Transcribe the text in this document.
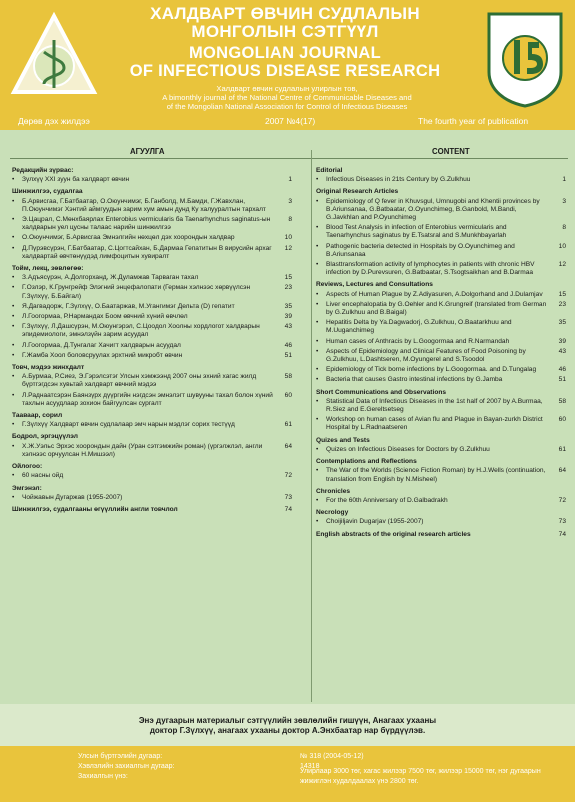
ХАЛДВАРТ ӨВЧИН СУДЛАЛЫН
МОНГОЛЫН СЭТГҮҮЛ
MONGOLIAN JOURNAL
OF INFECTIOUS DISEASE RESEARCH
Халдварт өвчин судлалын улирлын тов,
A bimonthly journal of the National Centre of Communicable Diseases and
of the Mongolian National Association for Control of Infectious Diseases
Дөрөв дэх жилдээ	2007 №4(17)	The fourth year of publication
АГУУЛГА	CONTENT
Редакцийн зүрвас:
•	Зүлхүү XXI зуун ба халдварт өвчин	1
Шинжилгээ, судалгаа
•	Б.Арвисгаа, Г.Батбаатар, О.Оюунчимэг, Б.Ганболд, М.Бамди, Г.Жавхлан, П.Оюунчимэг Хэнтий аймгуудын зарим хум амын дунд Ку халууралтын тархалт
3
•	Э.Цацрал, С.Мөнхбаярлах Enterobius vermicularis ба Taenarhynchus saginatus-ын халдварын уел цусны талаас нарийн шинжилгээ
8
•	О.Оюунчимэг, Б.Арвисгаа Эмнэлгийн нөхцөл дэх хоорондын халдвар	10
•	Д.Пүрэвсүрэн, Г.Батбаатар, С.Цогтсайхан, Б.Дармаа Гепатитын В вирусийн архаг халдвартай өвчтөнүүдэд лимфоцитын хувиралт
12
Тойм, лекц, зөвлөгөө:
•	З.Адъясүрэн, А.Долгорханд, Ж.Дуламжав Тарваган тахал	15
•	Г.Озлэр, К.Грунгрейф Элэгний энцефалопати (Герман хэлнээс хөрвүүлсэн Г.Зүлхүү, Б.Байгал)
23
•	Я.Дагвадорж, Г.Зүлхүү, О.Баатаржав, М.Угангимэг Дельта (D) гепатит	35
•	Л.Гоогормаа, Р.Нармандах Боом өвчний хүний өвчлөл	39
•	Г.Зүлхүү, Л.Дашсүрэн, М.Оюунгэрэл, С.Цоодол Хоолны хордлогот халдварын эпидемиологи, эмнэлзүйн зарим асуудал
43
•	Л.Гоогормаа, Д.Тунгалаг Хачигт халдварын асуудал	46
•	Г.Жамба Хоол боловсруулах эрхтний микробт өвчин	51
Товч, мэдээ жинхдалт
•	А.Бурмаа, Р.Сиез, Э.Гэрэлсэтэг Улсын хэмжээнд 2007 оны эхний хагас жилд бүртгэгдсэн хувьтай халдварт өвчний мэдээ
58
•	Л.Раднаатсэрэн Баянзүрх дүүргийн нэгдсэн эмнэлэгт шувууны тахал болон хүний тахлын асуудлаар зохион байгуулсан сургалт
60
Тааваар, сорил
•	Г.Зүлхүү Халдварт өвчин судлалаар эмч нарын мэдлэг сорих тестүүд	61
Бодрол, эргэцүүлэл
•	Х.Ж.Уэльс Эрхэс хоорондын дайн (Уран сэтгэмжийн роман) (үргэлжлэл, англи хэлнээс орчуулсан Н.Мишээл)
64
Ойлогоо:
•	60 насны ойд	72
Эмгэнэл:
•	Чойжавын Дугаржав (1955-2007)	73
Шинжилгээ, судалгааны өгүүллийн англи товчлол	74
Editorial
•	Infectious Diseases in 21ts Century by G.Zulkhuu	1
Original Research Articles
•	Epidemiology of Q fever in Khuvsgul, Umnugobi and Khentii provinces by B.Ariunsanaa, G.Batbaatar, O.Oyunchimeg, B.Ganbold, M.Bandi, G.Javkhlan and P.Oyunchimeg
3
•	Blood Test Analysis in infection of Enterobius vermicularis and Taenarhynchus saginatus by E.Tsatsral and S.Munkhbayarlah
8
•	Pathogenic bacteria detected in Hospitals by O.Oyunchimeg and B.Ariunsanaa
10
•	Blasttransformation activity of lymphocytes in patients with chronic HBV infection by D.Purevsuren, G.Batbaatar, S.Tsogtsaikhan and B.Darmaa
12
Reviews, Lectures and Consultations
•	Aspects of Human Plague by Z.Adiyasuren, A.Dolgorhand and J.Dulamjav	15
•	Liver encephalopatia by G.Oehler and K.Grungreif (translated from German by G.Zulkhuu and B.Baigal)
23
•	Hepatitis Delta by Ya.Dagwadorj, G.Zulkhuu, O.Baatarkhuu and M.Uuganchimeg
35
•	Human cases of Anthracis by L.Googormaa and R.Narmandah	39
•	Aspects of Epidemiology and Clinical Features of Food Poisoning by G.Zulkhuu, L.Dashtseren, M.Oyungerel and S.Tsoodol
43
•	Epidemiology of Tick borne infections by L.Googormaa. and D.Tungalag	46
•	Bacteria that causes Gastro intestinal infections by G.Jamba	51
Short Communications and Observations
•	Statistical Data of Infectious Diseases in the 1st half of 2007 by A.Burmaa, R.Siez and E.Gereltsetseg
58
•	Workshop on human cases of Avian flu and Plague in Bayan-zurkh District Hospital by L.Radnaatseren
60
Quizes and Tests
•	Quizes on Infectious Diseases for Doctors by G.Zulkhuu	61
Contemplations and Reflections
•	The War of the Worlds (Science Fiction Roman) by H.J.Wells (continuation, translation from English by N.Misheel)
64
Chronicles
•	For the 60th Anniversary of D.Galbadrakh	72
Necrology
•	Choijiljavin Dugarjav (1955-2007)	73
English abstracts of the original research articles	74
Энэ дугаарын материалыг сэтгүүлийн зөвлөлийн гишүүн, Анагаах ухааны
доктор Г.Зүлхүү, анагаах ухааны доктор А.Энхбаатар нар бүрдүүлэв.
Улсын бүртгэлийн дугаар:
Хэвлэлийн захиалгын дугаар:
Захиалгын үнэ:
№ 318 (2004-05-12)
14318
Улирлаар 3000 төг, хагас жилээр 7500 төг, жилээр 15000 төг, нэг дугаарын жижиглэн худалдаалах үнэ 2800 төг.
